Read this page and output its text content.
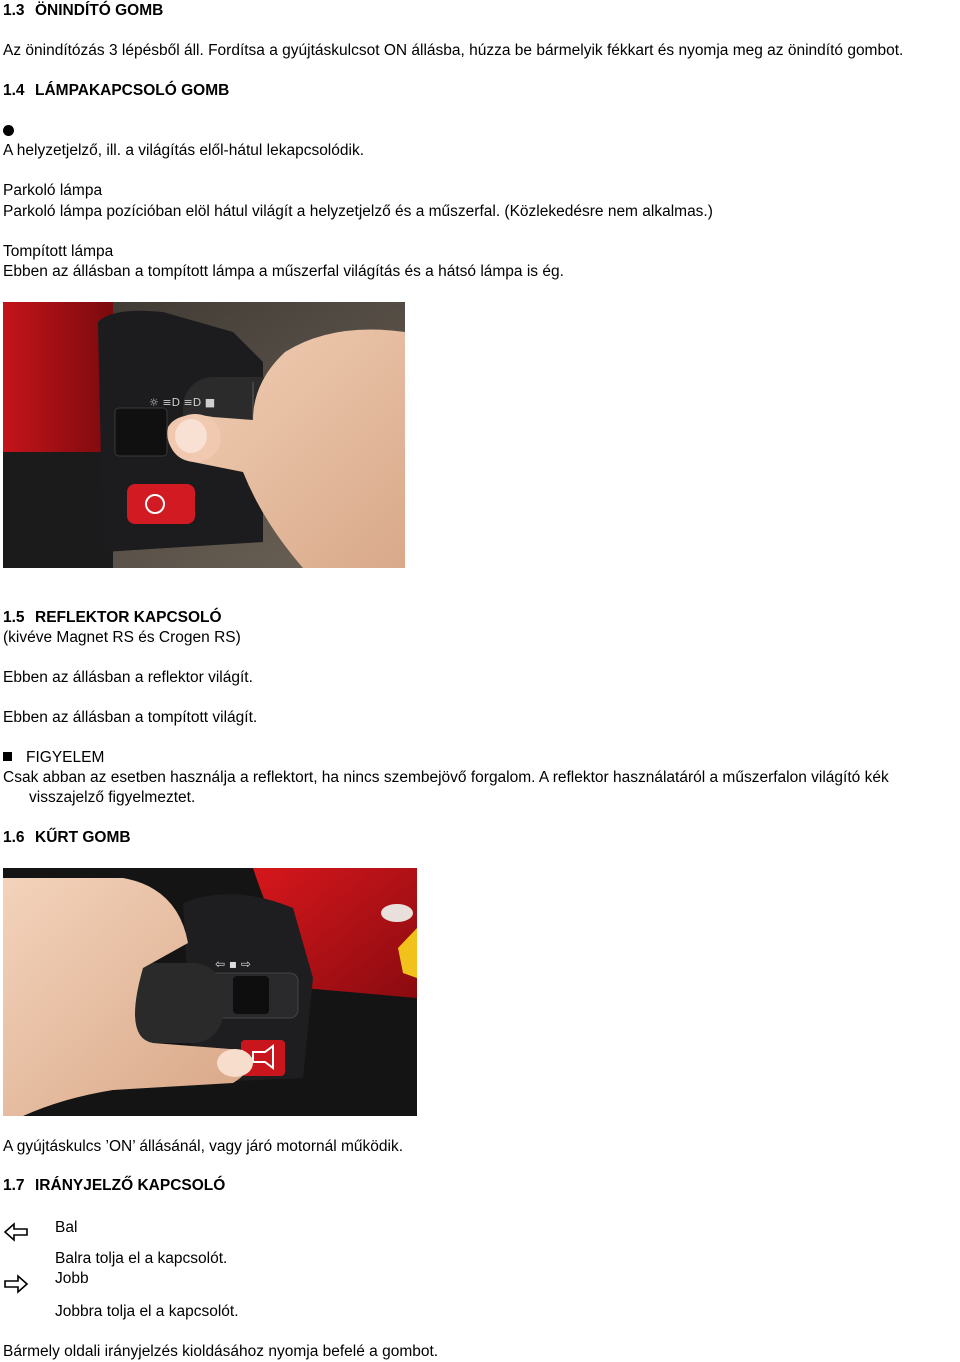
1.3 ÖNINDÍTÓ GOMB
Az önindítózás 3 lépésből áll. Fordítsa a gyújtáskulcsot ON állásba, húzza be bármelyik fékkart és nyomja meg az önindító gombot.
1.4 LÁMPAKAPCSOLÓ GOMB
A helyzetjelző, ill. a világítás elől-hátul lekapcsolódik.
Parkoló lámpa
Parkoló lámpa pozícióban elöl hátul világít a helyzetjelző és a műszerfal. (Közlekedésre nem alkalmas.)
Tompított lámpa
Ebben az állásban a tompított lámpa a műszerfal világítás és a hátsó lámpa is ég.
☼ ≡D ≡D ■
1.5 REFLEKTOR KAPCSOLÓ
(kivéve Magnet RS és Crogen RS)
Ebben az állásban a reflektor világít.
Ebben az állásban a tompított világít.
FIGYELEM
Csak abban az esetben használja a reflektort, ha nincs szembejövő forgalom. A reflektor használatáról a műszerfalon világító kék
visszajelző figyelmeztet.
1.6 KŰRT GOMB
⇦ ▪ ⇨
A gyújtáskulcs ’ON’ állásánál, vagy járó motornál működik.
1.7 IRÁNYJELZŐ KAPCSOLÓ
Bal
Balra tolja el a kapcsolót.
Jobb
Jobbra tolja el a kapcsolót.
Bármely oldali irányjelzés kioldásához nyomja befelé a gombot.
